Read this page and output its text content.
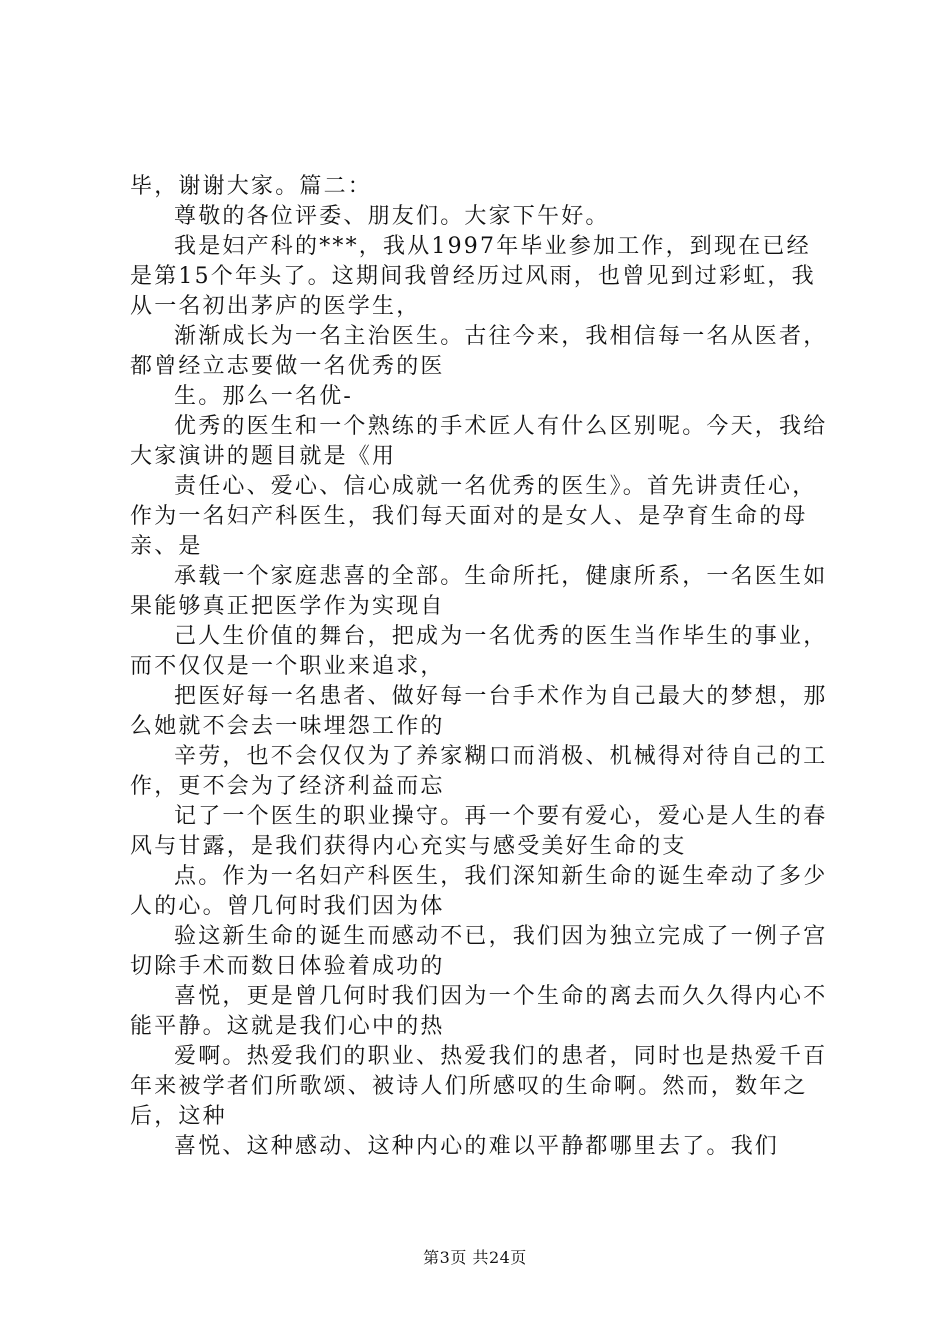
毕，谢谢大家。篇二：

尊敬的各位评委、朋友们。大家下午好。

我是妇产科的***，我从1997年毕业参加工作，到现在已经是第15个年头了。这期间我曾经历过风雨，也曾见到过彩虹，我从一名初出茅庐的医学生，

渐渐成长为一名主治医生。古往今来，我相信每一名从医者，都曾经立志要做一名优秀的医

生。那么一名优-

优秀的医生和一个熟练的手术匠人有什么区别呢。今天，我给大家演讲的题目就是《用

责任心、爱心、信心成就一名优秀的医生》。首先讲责任心，作为一名妇产科医生，我们每天面对的是女人、是孕育生命的母亲、是

承载一个家庭悲喜的全部。生命所托，健康所系，一名医生如果能够真正把医学作为实现自

己人生价值的舞台，把成为一名优秀的医生当作毕生的事业，而不仅仅是一个职业来追求，

把医好每一名患者、做好每一台手术作为自己最大的梦想，那么她就不会去一味埋怨工作的

辛劳，也不会仅仅为了养家糊口而消极、机械得对待自己的工作，更不会为了经济利益而忘

记了一个医生的职业操守。再一个要有爱心，爱心是人生的春风与甘露，是我们获得内心充实与感受美好生命的支

点。作为一名妇产科医生，我们深知新生命的诞生牵动了多少人的心。曾几何时我们因为体

验这新生命的诞生而感动不已，我们因为独立完成了一例子宫切除手术而数日体验着成功的

喜悦，更是曾几何时我们因为一个生命的离去而久久得内心不能平静。这就是我们心中的热

爱啊。热爱我们的职业、热爱我们的患者，同时也是热爱千百年来被学者们所歌颂、被诗人们所感叹的生命啊。然而，数年之后，这种

喜悦、这种感动、这种内心的难以平静都哪里去了。我们

第3页 共24页
